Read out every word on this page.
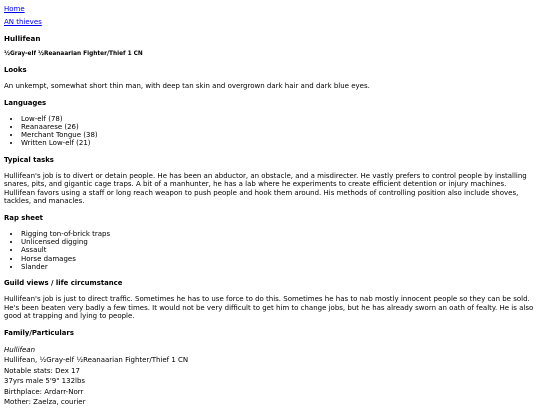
Home
AN thieves
Hullifean
½Gray-elf ½Reanaarian Fighter/Thief 1 CN
Looks

An unkempt, somewhat short thin man, with deep tan skin and overgrown dark hair and dark blue eyes.

Languages
• Low-elf (78)
• Reanaarese (26)
• Merchant Tongue (38)
• Written Low-elf (21)
Typical tasks

Hullifean's job is to divert or detain people. He has been an abductor, an obstacle, and a misdirecter. He vastly prefers to control people by installing snares, pits, and gigantic cage traps. A bit of a manhunter, he has a lab where he experiments to create efficient detention or injury machines. Hullifean favors using a staff or long reach weapon to push people and hook them around. His methods of controlling position also include shoves, tackles, and manacles.

Rap sheet
• Rigging ton-of-brick traps
• Unlicensed digging
• Assault
• Horse damages
• Slander
Guild views / life circumstance

Hullifean's job is just to direct traffic. Sometimes he has to use force to do this. Sometimes he has to nab mostly innocent people so they can be sold. He's been beaten very badly a few times. It would not be very difficult to get him to change jobs, but he has already sworn an oath of fealty. He is also good at trapping and lying to people.

Family/Particulars
Hullifean
Hullifean, ½Gray-elf ½Reanaarian Fighter/Thief 1 CN
Notable stats: Dex 17
37yrs male 5'9" 132lbs
Birthplace: Ardarr-Norr
Mother: Zaelza, courier
